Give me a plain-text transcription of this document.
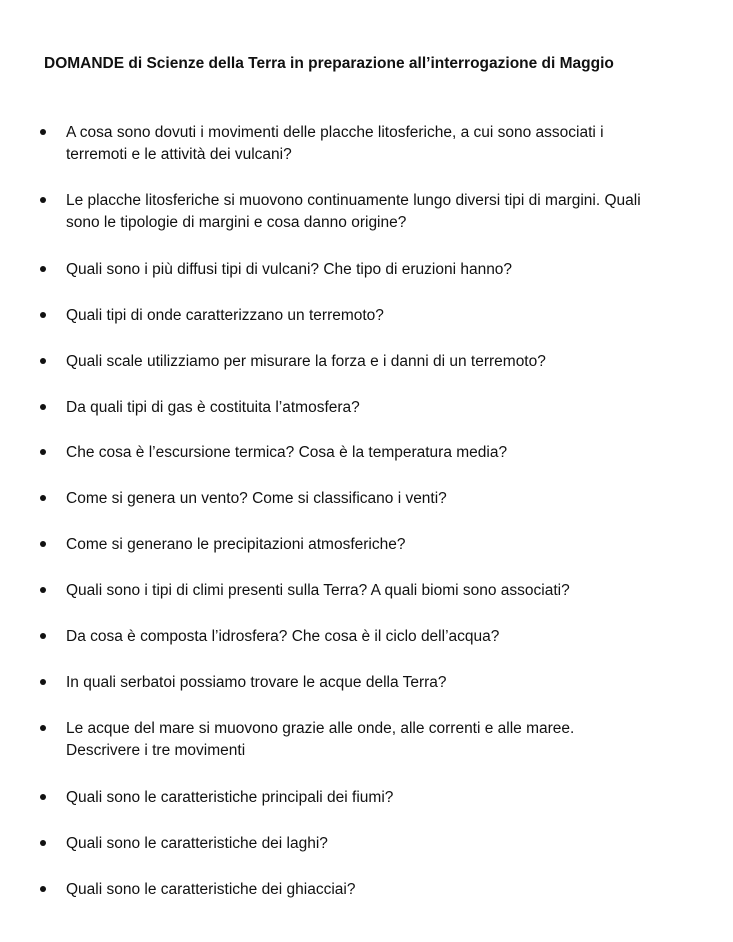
DOMANDE di Scienze della Terra in preparazione all’interrogazione di Maggio
A cosa sono dovuti i movimenti delle placche litosferiche, a cui sono associati i
terremoti e le attività dei vulcani?
Le placche litosferiche si muovono continuamente lungo diversi tipi di margini. Quali
sono le tipologie di margini e cosa danno origine?
Quali sono i più diffusi tipi di vulcani? Che tipo di eruzioni hanno?
Quali tipi di onde caratterizzano un terremoto?
Quali scale utilizziamo per misurare la forza e i danni di un terremoto?
Da quali tipi di gas è costituita l’atmosfera?
Che cosa è l’escursione termica? Cosa è la temperatura media?
Come si genera un vento? Come si classificano i venti?
Come si generano le precipitazioni atmosferiche?
Quali sono i tipi di climi presenti sulla Terra? A quali biomi sono associati?
Da cosa è composta l’idrosfera? Che cosa è il ciclo dell’acqua?
In quali serbatoi possiamo trovare le acque della Terra?
Le acque del mare si muovono grazie alle onde, alle correnti e alle maree.
Descrivere i tre movimenti
Quali sono le caratteristiche principali dei fiumi?
Quali sono le caratteristiche dei laghi?
Quali sono le caratteristiche dei ghiacciai?
